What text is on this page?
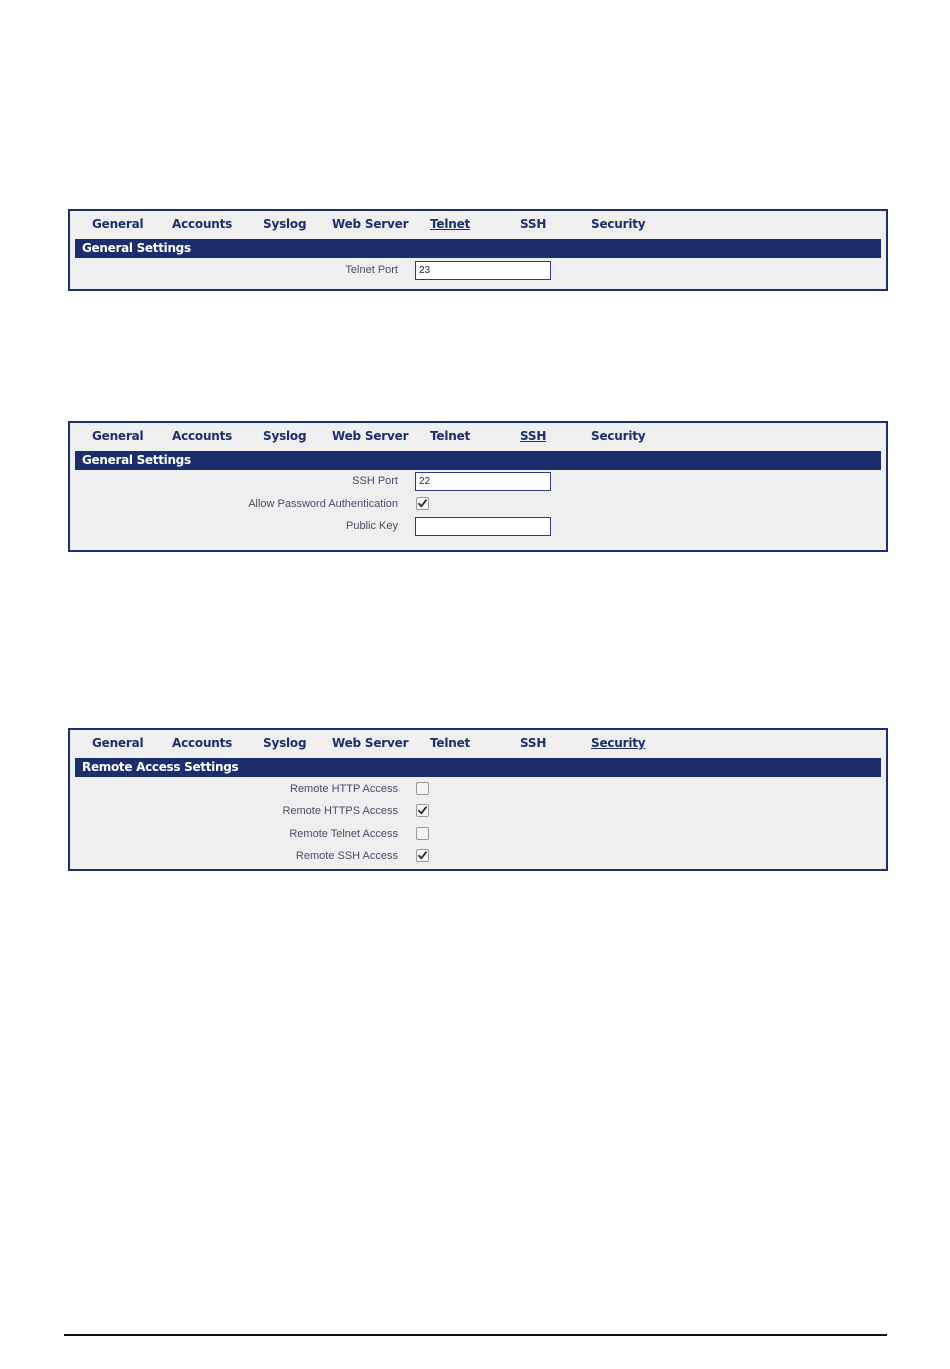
General Accounts	Syslog Web Server Telnet	SSH	Security
General Settings
Telnet Port	23
General Accounts	Syslog Web Server Telnet	SSH	Security
General Settings
SSH Port	22
Allow Password Authentication
Public Key
General Accounts	Syslog Web Server Telnet	SSH	Security
Remote Access Settings
Remote HTTP Access
Remote HTTPS Access
Remote Telnet Access
Remote SSH Access
